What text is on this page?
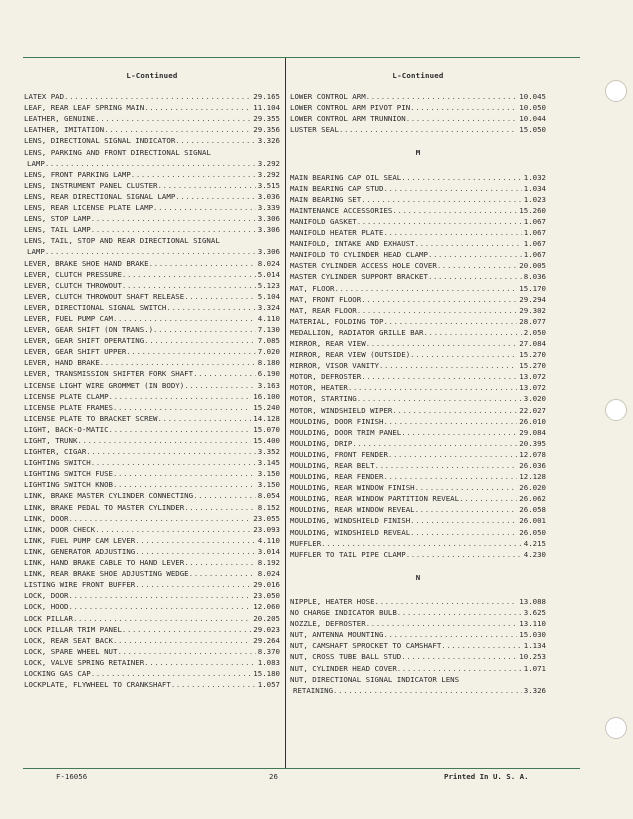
L-Continued
LATEX PAD .....	29.165
LEAF, REAR LEAF SPRING MAIN .....	11.104
LEATHER, GENUINE .....	29.355
LEATHER, IMITATION .....	29.356
LENS, DIRECTIONAL SIGNAL INDICATOR .....	3.326
LENS, PARKING AND FRONT DIRECTIONAL SIGNAL
LAMP .....	3.292
LENS, FRONT PARKING LAMP .....	3.292
LENS, INSTRUMENT PANEL CLUSTER .....	3.515
LENS, REAR DIRECTIONAL SIGNAL LAMP .....	3.036
LENS, REAR LICENSE PLATE LAMP .....	3.339
LENS, STOP LAMP .....	3.306
LENS, TAIL LAMP .....	3.306
LENS, TAIL, STOP AND REAR DIRECTIONAL SIGNAL
LAMP .....	3.306
LEVER, BRAKE SHOE HAND BRAKE .....	8.024
LEVER, CLUTCH PRESSURE .....	5.014
LEVER, CLUTCH THROWOUT .....	5.123
LEVER, CLUTCH THROWOUT SHAFT RELEASE .....	5.104
LEVER, DIRECTIONAL SIGNAL SWITCH .....	3.324
LEVER, FUEL PUMP CAM .....	4.110
LEVER, GEAR SHIFT (ON TRANS.) .....	7.130
LEVER, GEAR SHIFT OPERATING .....	7.085
LEVER, GEAR SHIFT UPPER .....	7.020
LEVER, HAND BRAKE .....	8.180
LEVER, TRANSMISSION SHIFTER FORK SHAFT .....	6.190
LICENSE LIGHT WIRE GROMMET (IN BODY) .....	3.163
LICENSE PLATE CLAMP .....	16.100
LICENSE PLATE FRAMES .....	15.240
LICENSE PLATE TO BRACKET SCREW .....	14.128
LIGHT, BACK-O-MATIC .....	15.070
LIGHT, TRUNK .....	15.400
LIGHTER, CIGAR .....	3.352
LIGHTING SWITCH .....	3.145
LIGHTING SWITCH FUSE .....	3.150
LIGHTING SWITCH KNOB .....	3.150
LINK, BRAKE MASTER CYLINDER CONNECTING .....	8.054
LINK, BRAKE PEDAL TO MASTER CYLINDER .....	8.152
LINK, DOOR .....	23.055
LINK, DOOR CHECK .....	23.093
LINK, FUEL PUMP CAM LEVER .....	4.110
LINK, GENERATOR ADJUSTING .....	3.014
LINK, HAND BRAKE CABLE TO HAND LEVER .....	8.192
LINK, REAR BRAKE SHOE ADJUSTING WEDGE .....	8.024
LISTING WIRE FRONT BUFFER .....	29.016
LOCK, DOOR .....	23.050
LOCK, HOOD .....	12.060
LOCK PILLAR .....	20.205
LOCK PILLAR TRIM PANEL .....	29.023
LOCK, REAR SEAT BACK .....	29.264
LOCK, SPARE WHEEL NUT .....	8.370
LOCK, VALVE SPRING RETAINER .....	1.083
LOCKING GAS CAP .....	15.180
LOCKPLATE, FLYWHEEL TO CRANKSHAFT .....	1.057
L-Continued
LOWER CONTROL ARM .....	10.045
LOWER CONTROL ARM PIVOT PIN .....	10.050
LOWER CONTROL ARM TRUNNION .....	10.044
LUSTER SEAL .....	15.050
M
MAIN BEARING CAP OIL SEAL .....	1.032
MAIN BEARING CAP STUD .....	1.034
MAIN BEARING SET .....	1.023
MAINTENANCE ACCESSORIES .....	15.260
MANIFOLD GASKET .....	1.067
MANIFOLD HEATER PLATE .....	1.067
MANIFOLD, INTAKE AND EXHAUST .....	1.067
MANIFOLD TO CYLINDER HEAD CLAMP .....	1.067
MASTER CYLINDER ACCESS HOLE COVER .....	20.005
MASTER CYLINDER SUPPORT BRACKET .....	8.036
MAT, FLOOR .....	15.170
MAT, FRONT FLOOR .....	29.294
MAT, REAR FLOOR .....	29.302
MATERIAL, FOLDING TOP .....	28.077
MEDALLION, RADIATOR GRILLE BAR .....	2.050
MIRROR, REAR VIEW .....	27.084
MIRROR, REAR VIEW (OUTSIDE) .....	15.270
MIRROR, VISOR VANITY .....	15.270
MOTOR, DEFROSTER .....	13.072
MOTOR, HEATER .....	13.072
MOTOR, STARTING .....	3.020
MOTOR, WINDSHIELD WIPER .....	22.027
MOULDING, DOOR FINISH .....	26.010
MOULDING, DOOR TRIM PANEL .....	29.084
MOULDING, DRIP .....	20.395
MOULDING, FRONT FENDER .....	12.078
MOULDING, REAR BELT .....	26.036
MOULDING, REAR FENDER .....	12.128
MOULDING, REAR WINDOW FINISH .....	26.020
MOULDING, REAR WINDOW PARTITION REVEAL .....	26.062
MOULDING, REAR WINDOW REVEAL .....	26.058
MOULDING, WINDSHIELD FINISH .....	26.001
MOULDING, WINDSHIELD REVEAL .....	26.050
MUFFLER .....	4.215
MUFFLER TO TAIL PIPE CLAMP .....	4.230
N
NIPPLE, HEATER HOSE .....	13.088
NO CHARGE INDICATOR BULB .....	3.625
NOZZLE, DEFROSTER .....	13.110
NUT, ANTENNA MOUNTING .....	15.030
NUT, CAMSHAFT SPROCKET TO CAMSHAFT .....	1.134
NUT, CROSS TUBE BALL STUD .....	10.253
NUT, CYLINDER HEAD COVER .....	1.071
NUT, DIRECTIONAL SIGNAL INDICATOR LENS
RETAINING .....	3.326
F-16056	26	Printed In U. S. A.
